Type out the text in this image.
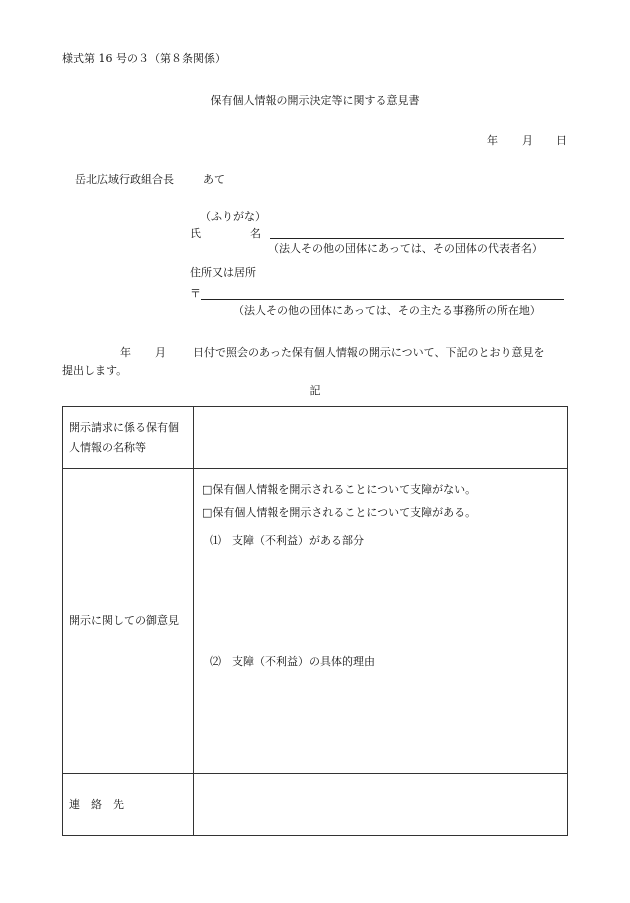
様式第 16 号の３（第８条関係）
保有個人情報の開示決定等に関する意見書
年 月 日
岳北広域行政組合長	あて
（ふりがな）
氏	名
（法人その他の団体にあっては、その団体の代表者名）
住所又は居所
〒
（法人その他の団体にあっては、その主たる事務所の所在地）
年 月 日付で照会のあった保有個人情報の開示について、下記のとおり意見を
提出します。
記
開示請求に係る保有個人情報の名称等	
開示に関しての御意見	□保有個人情報を開示されることについて支障がない。
□保有個人情報を開示されることについて支障がある。
⑴　支障（不利益）がある部分
⑵　支障（不利益）の具体的理由

連　絡　先	
